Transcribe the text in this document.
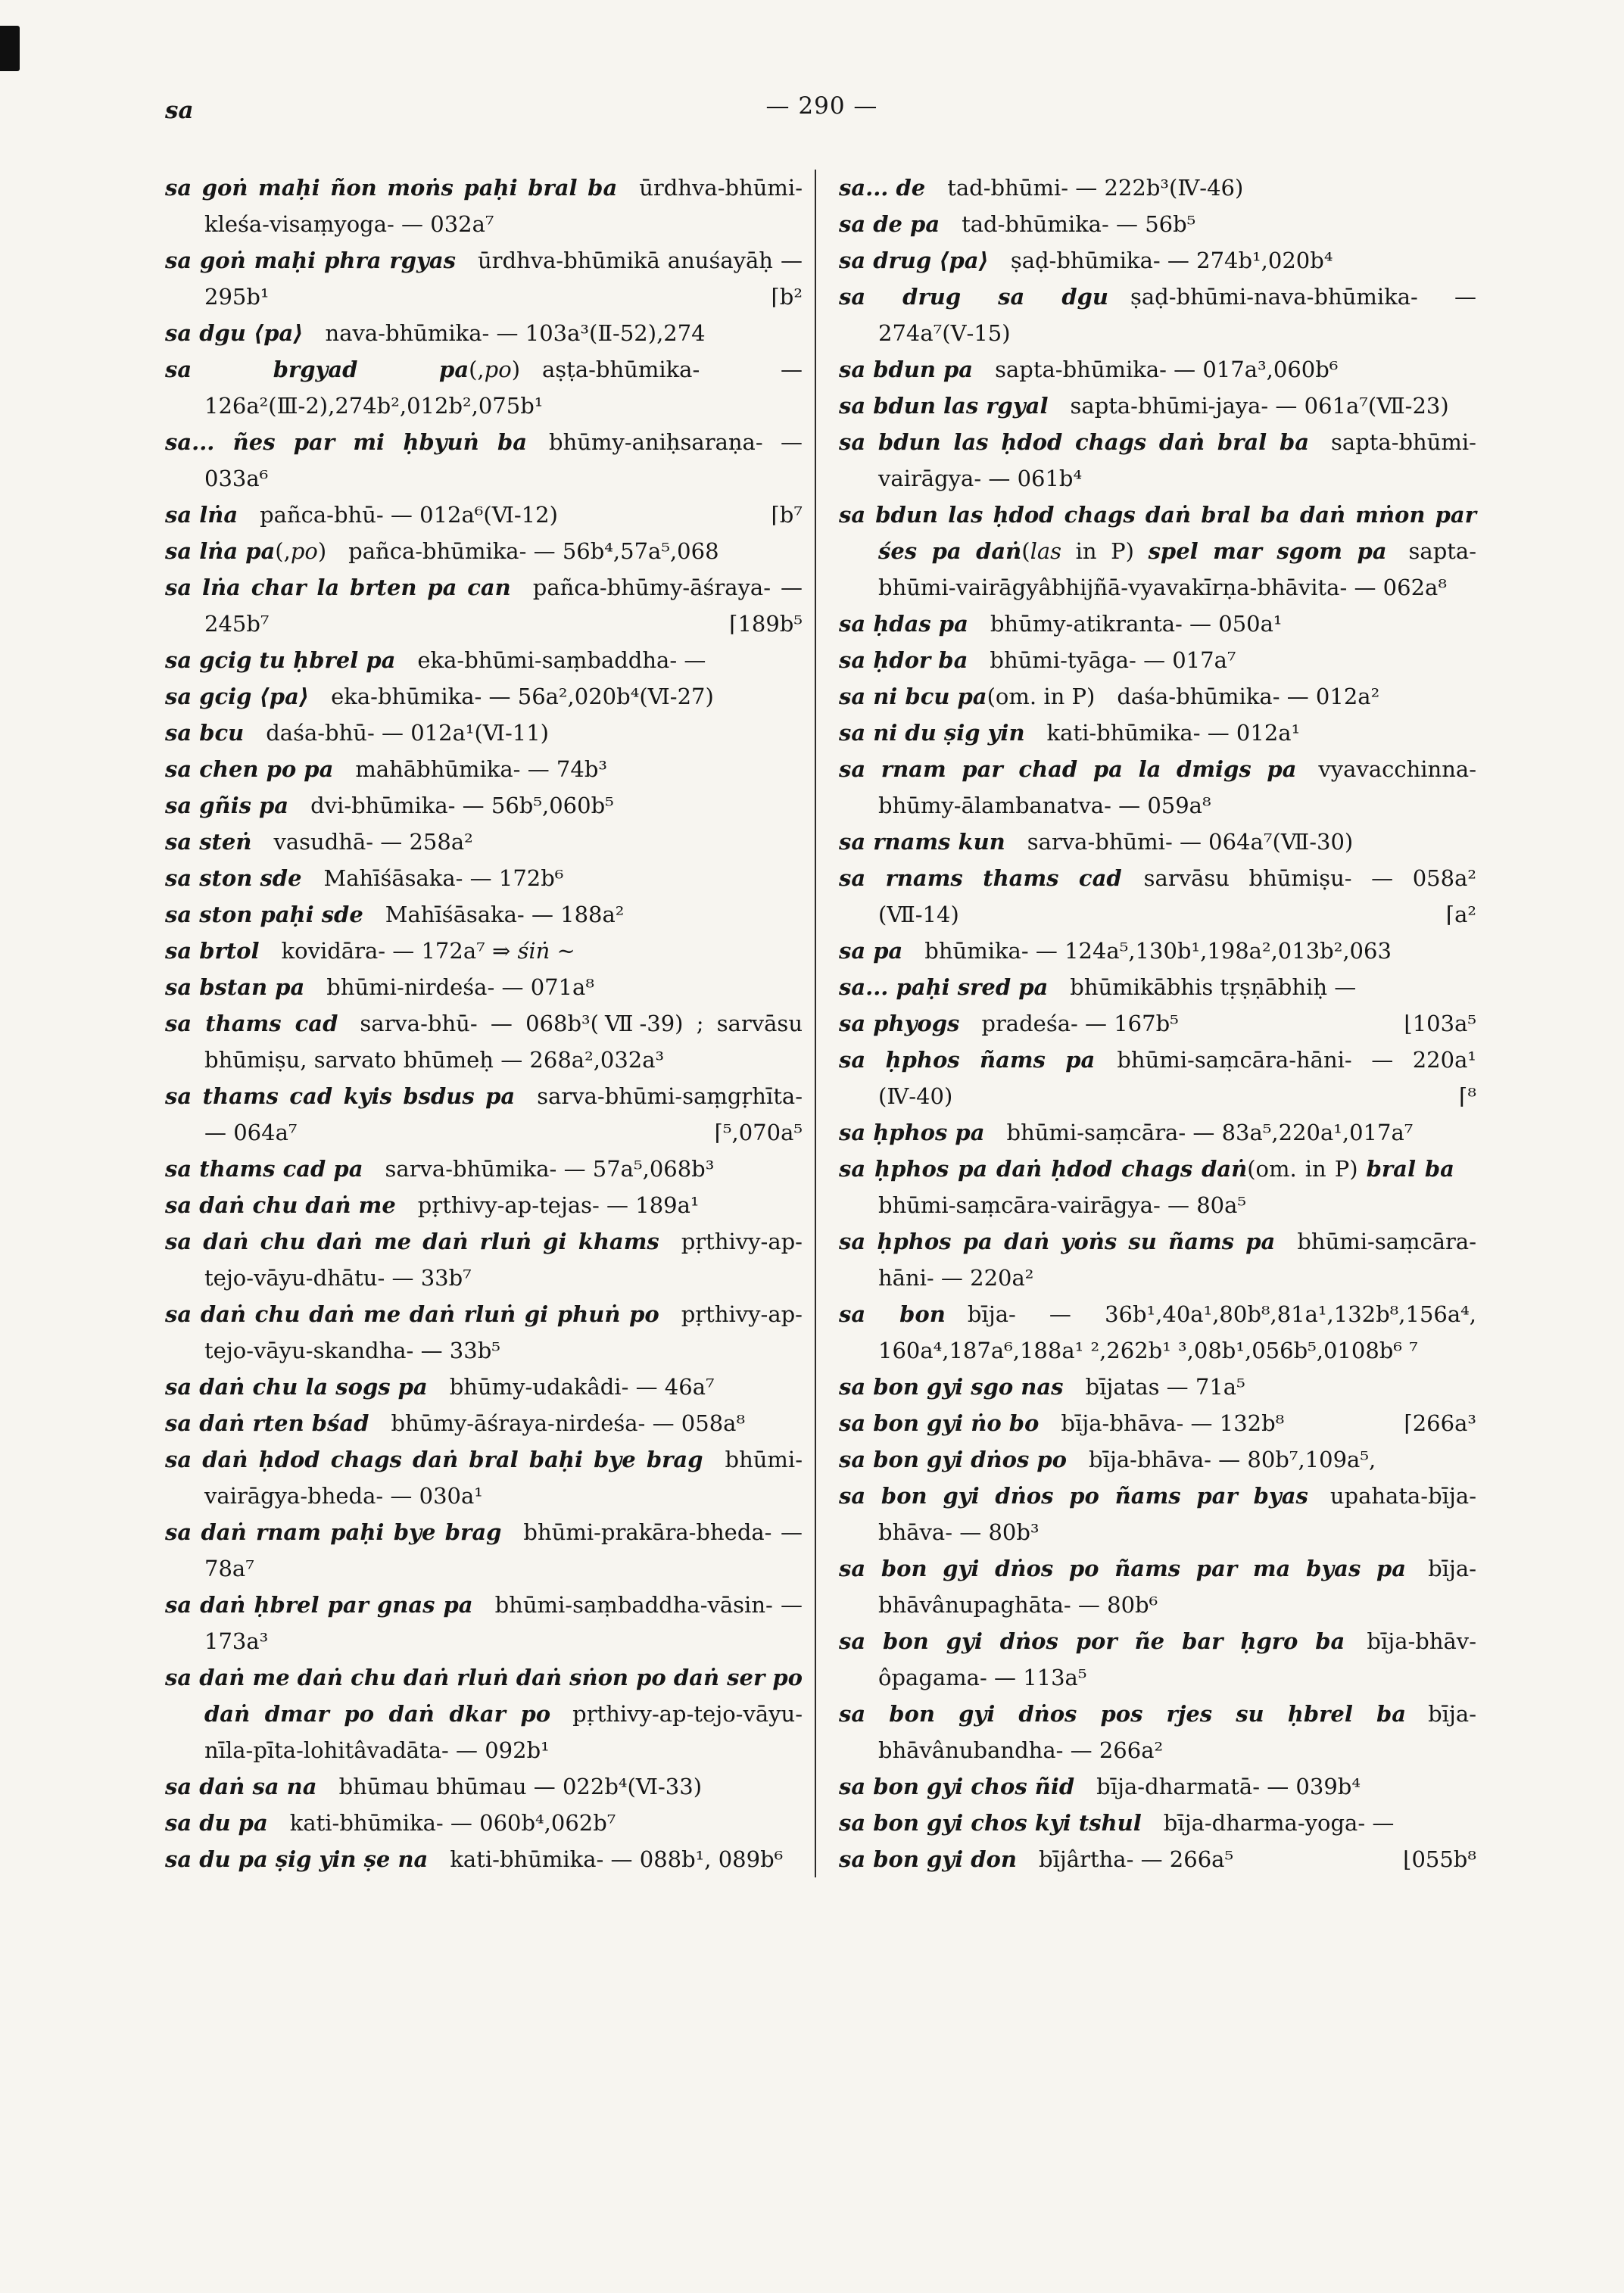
sa	— 290 —

sa goṅ maḥi ñon moṅs paḥi bral ba ūrdhva-bhūmi-kleśa-visaṃyoga- — 032a⁷

sa goṅ maḥi phra rgyas ūrdhva-bhūmikā anuśayāḥ — 295b¹	⌈b²

sa dgu ⟨pa⟩ nava-bhūmika- — 103a³(Ⅱ-52),274

sa brgyad pa(,po) aṣṭa-bhūmika- — 126a²(Ⅲ-2),274b²,012b²,075b¹

sa... ñes par mi ḥbyuṅ ba bhūmy-aniḥsaraṇa- — 033a⁶

sa lṅa pañca-bhū- — 012a⁶(Ⅵ-12)	⌈b⁷

sa lṅa pa(,po) pañca-bhūmika- — 56b⁴,57a⁵,068

sa lṅa char la brten pa can pañca-bhūmy-āśraya- — 245b⁷	⌈189b⁵

sa gcig tu ḥbrel pa eka-bhūmi-saṃbaddha- —

sa gcig ⟨pa⟩ eka-bhūmika- — 56a²,020b⁴(Ⅵ-27)

sa bcu daśa-bhū- — 012a¹(Ⅵ-11)

sa chen po pa mahābhūmika- — 74b³

sa gñis pa dvi-bhūmika- — 56b⁵,060b⁵

sa steṅ vasudhā- — 258a²

sa ston sde Mahīśāsaka- — 172b⁶

sa ston paḥi sde Mahīśāsaka- — 188a²

sa brtol kovidāra- — 172a⁷ ⇒ śiṅ ~

sa bstan pa bhūmi-nirdeśa- — 071a⁸

sa thams cad sarva-bhū- — 068b³(Ⅶ-39) ; sarvāsu bhūmiṣu, sarvato bhūmeḥ — 268a²,032a³

sa thams cad kyis bsdus pa sarva-bhūmi-saṃgṛhīta- — 064a⁷	⌈⁵,070a⁵

sa thams cad pa sarva-bhūmika- — 57a⁵,068b³

sa daṅ chu daṅ me pṛthivy-ap-tejas- — 189a¹

sa daṅ chu daṅ me daṅ rluṅ gi khams pṛthivy-ap-tejo-vāyu-dhātu- — 33b⁷

sa daṅ chu daṅ me daṅ rluṅ gi phuṅ po pṛthivy-ap-tejo-vāyu-skandha- — 33b⁵

sa daṅ chu la sogs pa bhūmy-udakâdi- — 46a⁷

sa daṅ rten bśad bhūmy-āśraya-nirdeśa- — 058a⁸

sa daṅ ḥdod chags daṅ bral baḥi bye brag bhūmi-vairāgya-bheda- — 030a¹

sa daṅ rnam paḥi bye brag bhūmi-prakāra-bheda- — 78a⁷

sa daṅ ḥbrel par gnas pa bhūmi-saṃbaddha-vāsin- — 173a³

sa daṅ me daṅ chu daṅ rluṅ daṅ sṅon po daṅ ser po daṅ dmar po daṅ dkar po pṛthivy-ap-tejo-vāyu-nīla-pīta-lohitâvadāta- — 092b¹

sa daṅ sa na bhūmau bhūmau — 022b⁴(Ⅵ-33)

sa du pa kati-bhūmika- — 060b⁴,062b⁷

sa du pa ṣig yin ṣe na kati-bhūmika- — 088b¹, 089b⁶

sa... de tad-bhūmi- — 222b³(Ⅳ-46)

sa de pa tad-bhūmika- — 56b⁵

sa drug ⟨pa⟩ ṣaḍ-bhūmika- — 274b¹,020b⁴

sa drug sa dgu ṣaḍ-bhūmi-nava-bhūmika- — 274a⁷(Ⅴ-15)

sa bdun pa sapta-bhūmika- — 017a³,060b⁶

sa bdun las rgyal sapta-bhūmi-jaya- — 061a⁷(Ⅶ-23)

sa bdun las ḥdod chags daṅ bral ba sapta-bhūmi-vairāgya- — 061b⁴

sa bdun las ḥdod chags daṅ bral ba daṅ mṅon par śes pa daṅ(las in P) spel mar sgom pa sapta-bhūmi-vairāgyâbhijñā-vyavakīrṇa-bhāvita- — 062a⁸

sa ḥdas pa bhūmy-atikranta- — 050a¹

sa ḥdor ba bhūmi-tyāga- — 017a⁷

sa ni bcu pa(om. in P) daśa-bhūmika- — 012a²

sa ni du ṣig yin kati-bhūmika- — 012a¹

sa rnam par chad pa la dmigs pa vyavacchinna-bhūmy-ālambanatva- — 059a⁸

sa rnams kun sarva-bhūmi- — 064a⁷(Ⅶ-30)

sa rnams thams cad sarvāsu bhūmiṣu- — 058a² (Ⅶ-14)	⌈a²

sa pa bhūmika- — 124a⁵,130b¹,198a²,013b²,063

sa... paḥi sred pa bhūmikābhis tṛṣṇābhiḥ —

sa phyogs pradeśa- — 167b⁵	⌊103a⁵

sa ḥphos ñams pa bhūmi-saṃcāra-hāni- — 220a¹ (Ⅳ-40)	⌈⁸

sa ḥphos pa bhūmi-saṃcāra- — 83a⁵,220a¹,017a⁷

sa ḥphos pa daṅ ḥdod chags daṅ(om. in P) bral ba bhūmi-saṃcāra-vairāgya- — 80a⁵

sa ḥphos pa daṅ yoṅs su ñams pa bhūmi-saṃcāra-hāni- — 220a²

sa bon bīja- — 36b¹,40a¹,80b⁸,81a¹,132b⁸,156a⁴, 160a⁴,187a⁶,188a¹ ²,262b¹ ³,08b¹,056b⁵,0108b⁶ ⁷

sa bon gyi sgo nas bījatas — 71a⁵

sa bon gyi ṅo bo bīja-bhāva- — 132b⁸	⌈266a³

sa bon gyi dṅos po bīja-bhāva- — 80b⁷,109a⁵,

sa bon gyi dṅos po ñams par byas upahata-bīja-bhāva- — 80b³

sa bon gyi dṅos po ñams par ma byas pa bīja-bhāvânupaghāta- — 80b⁶

sa bon gyi dṅos por ñe bar ḥgro ba bīja-bhāv-ôpagama- — 113a⁵

sa bon gyi dṅos pos rjes su ḥbrel ba bīja-bhāvânubandha- — 266a²

sa bon gyi chos ñid bīja-dharmatā- — 039b⁴

sa bon gyi chos kyi tshul bīja-dharma-yoga- —

sa bon gyi don bījârtha- — 266a⁵	⌊055b⁸
